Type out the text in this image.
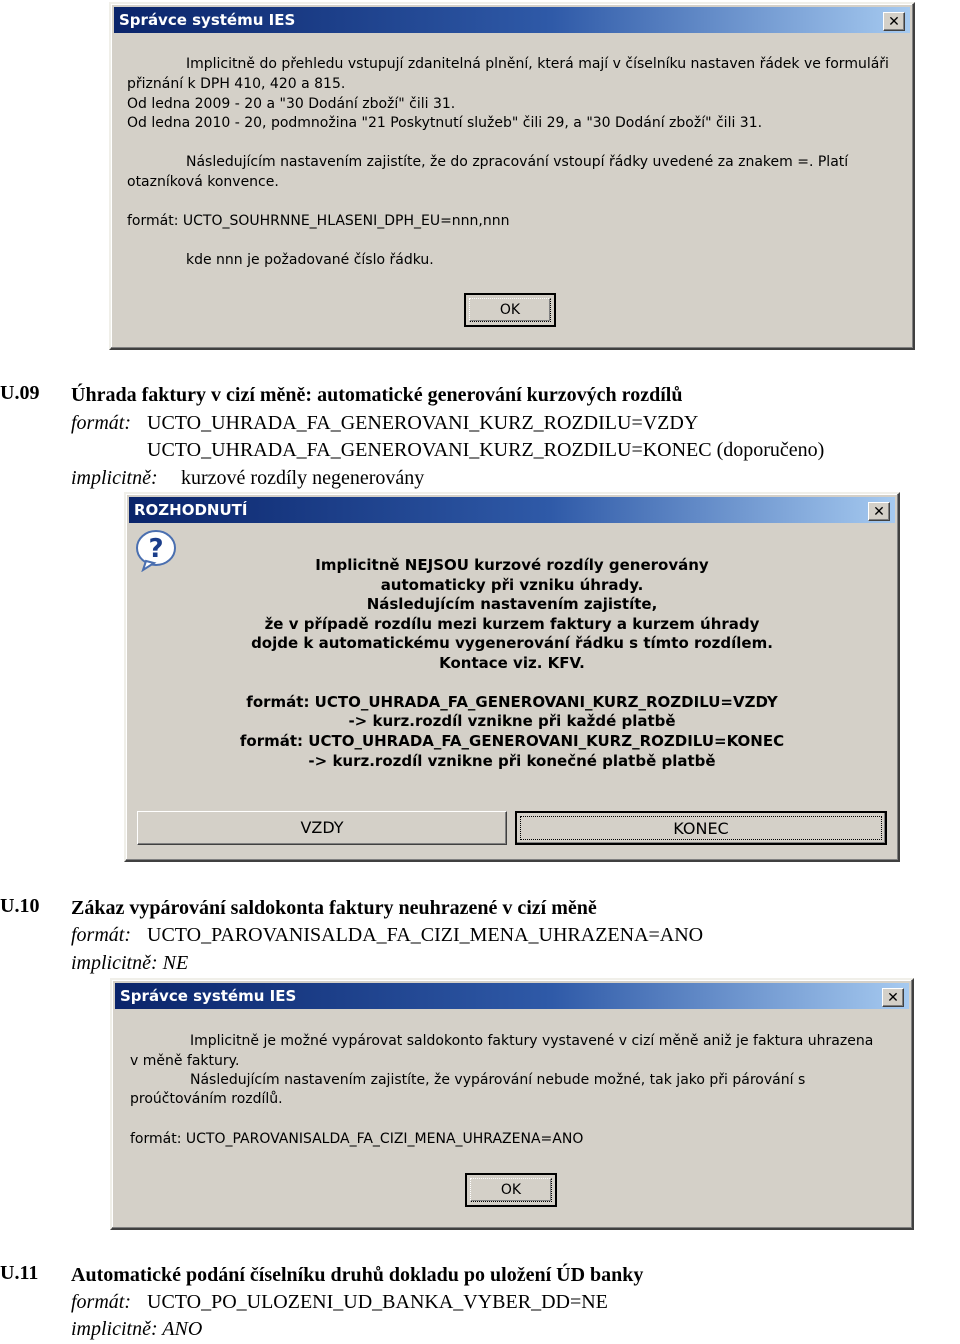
Správce systému IES	✕
Implicitně do přehledu vstupují zdanitelná plnění, která mají v číselníku nastaven řádek ve formuláři
přiznání k DPH 410, 420 a 815.
Od ledna 2009 - 20 a "30 Dodání zboží" čili 31.
Od ledna 2010 - 20, podmnožina "21 Poskytnutí služeb" čili 29, a "30 Dodání zboží" čili 31.
Následujícím nastavením zajistíte, že do zpracování vstoupí řádky uvedené za znakem =. Platí
otazníková konvence.
formát: UCTO_SOUHRNNE_HLASENI_DPH_EU=nnn,nnn
kde nnn je požadované číslo řádku.
OK
U.09 Úhrada faktury v cizí měně: automatické generování kurzových rozdílů
formát: UCTO_UHRADA_FA_GENEROVANI_KURZ_ROZDILU=VZDY
UCTO_UHRADA_FA_GENEROVANI_KURZ_ROZDILU=KONEC (doporučeno)
implicitně: kurzové rozdíly negenerovány
ROZHODNUTÍ	✕
?
Implicitně NEJSOU kurzové rozdíly generovány
automaticky při vzniku úhrady.
Následujícím nastavením zajistíte,
že v případě rozdílu mezi kurzem faktury a kurzem úhrady
dojde k automatickému vygenerování řádku s tímto rozdílem.
Kontace viz. KFV.
formát: UCTO_UHRADA_FA_GENEROVANI_KURZ_ROZDILU=VZDY
-> kurz.rozdíl vznikne při každé platbě
formát: UCTO_UHRADA_FA_GENEROVANI_KURZ_ROZDILU=KONEC
-> kurz.rozdíl vznikne při konečné platbě platbě
VZDY	KONEC
U.10 Zákaz vypárování saldokonta faktury neuhrazené v cizí měně
formát: UCTO_PAROVANISALDA_FA_CIZI_MENA_UHRAZENA=ANO
implicitně: NE
Správce systému IES	✕
Implicitně je možné vypárovat saldokonto faktury vystavené v cizí měně aniž je faktura uhrazena
v měně faktury.
Následujícím nastavením zajistíte, že vypárování nebude možné, tak jako při párování s
proúčtováním rozdílů.
formát: UCTO_PAROVANISALDA_FA_CIZI_MENA_UHRAZENA=ANO
OK
U.11 Automatické podání číselníku druhů dokladu po uložení ÚD banky
formát: UCTO_PO_ULOZENI_UD_BANKA_VYBER_DD=NE
implicitně: ANO
